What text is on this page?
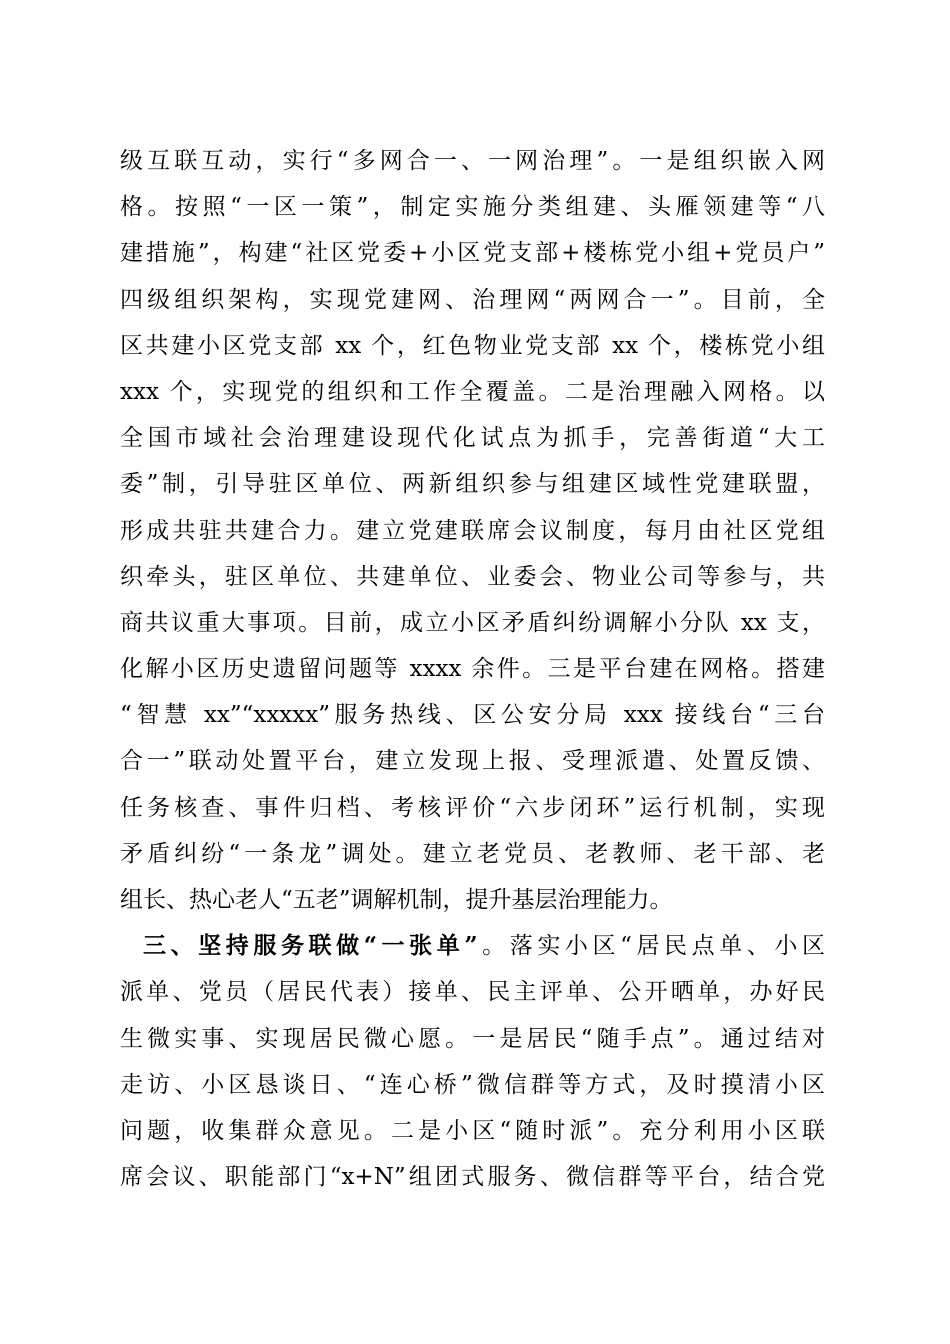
级互联互动，实行“多网合一、一网治理”。一是组织嵌入网
格。按照“一区一策”，制定实施分类组建、头雁领建等“八
建措施”，构建“社区党委+小区党支部+楼栋党小组+党员户”
四级组织架构，实现党建网、治理网“两网合一”。目前，全
区共建小区党支部 xx 个，红色物业党支部 xx 个，楼栋党小组
xxx 个，实现党的组织和工作全覆盖。二是治理融入网格。以
全国市域社会治理建设现代化试点为抓手，完善街道“大工
委”制，引导驻区单位、两新组织参与组建区域性党建联盟，
形成共驻共建合力。建立党建联席会议制度，每月由社区党组
织牵头，驻区单位、共建单位、业委会、物业公司等参与，共
商共议重大事项。目前，成立小区矛盾纠纷调解小分队 xx 支，
化解小区历史遗留问题等 xxxx 余件。三是平台建在网格。搭建
“智慧 xx”“xxxxx”服务热线、区公安分局 xxx 接线台“三台
合一”联动处置平台，建立发现上报、受理派遣、处置反馈、
任务核查、事件归档、考核评价“六步闭环”运行机制，实现
矛盾纠纷“一条龙”调处。建立老党员、老教师、老干部、老
组长、热心老人“五老”调解机制，提升基层治理能力。
三、坚持服务联做“一张单”。落实小区“居民点单、小区
派单、党员（居民代表）接单、民主评单、公开晒单，办好民
生微实事、实现居民微心愿。一是居民“随手点”。通过结对
走访、小区恳谈日、“连心桥”微信群等方式，及时摸清小区
问题，收集群众意见。二是小区“随时派”。充分利用小区联
席会议、职能部门“x+N”组团式服务、微信群等平台，结合党
